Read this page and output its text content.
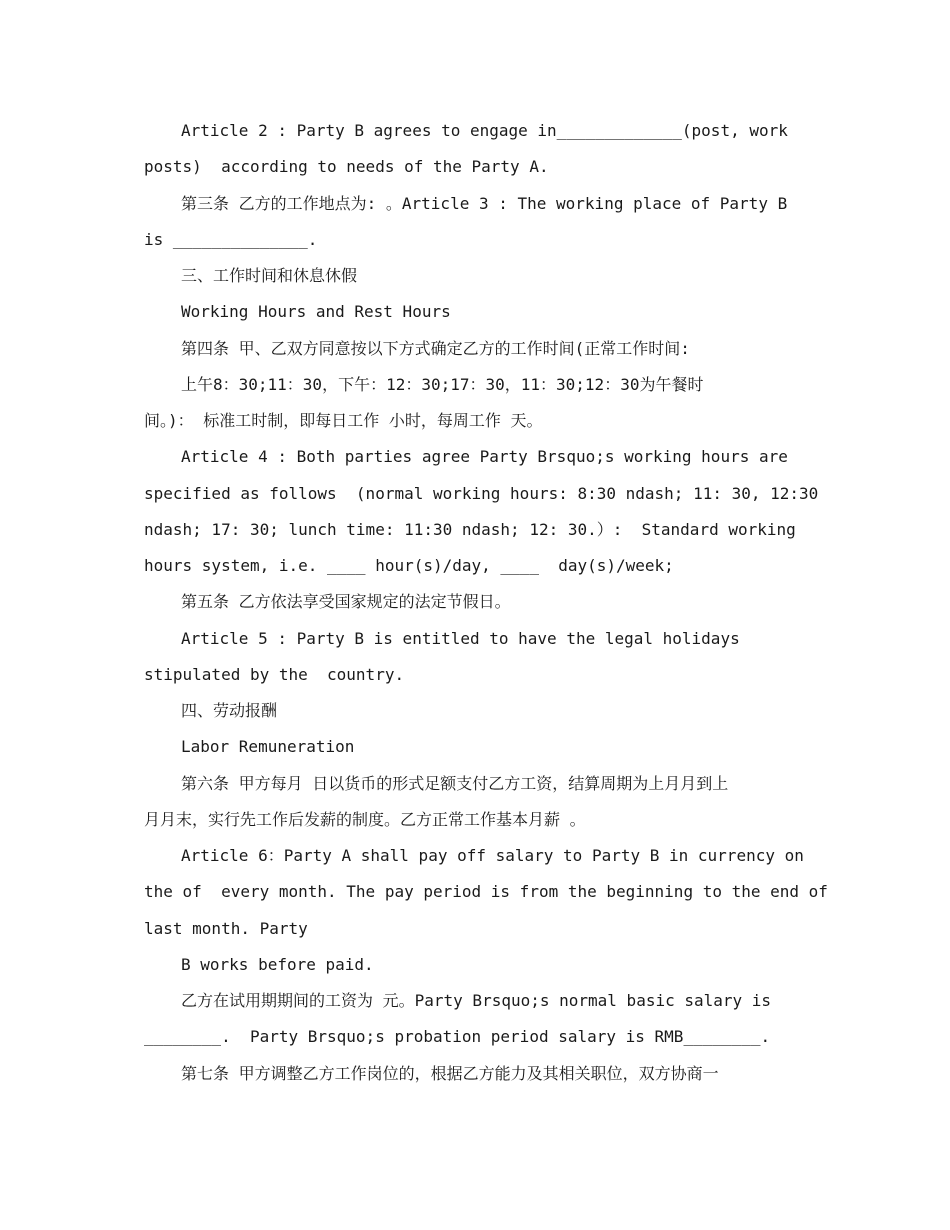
Article 2 : Party B agrees to engage in_____________(post, work
posts)  according to needs of the Party A.
第三条 乙方的工作地点为: 。Article 3 : The working place of Party B
is ______________.
三、工作时间和休息休假
Working Hours and Rest Hours
第四条 甲、乙双方同意按以下方式确定乙方的工作时间(正常工作时间:
上午8：30;11：30，下午：12：30;17：30，11：30;12：30为午餐时
间。)： 标准工时制，即每日工作 小时，每周工作 天。
Article 4 : Both parties agree Party Brsquo;s working hours are
specified as follows  (normal working hours: 8:30 ndash; 11: 30, 12:30
ndash; 17: 30; lunch time: 11:30 ndash; 12: 30.）:  Standard working
hours system, i.e. ____ hour(s)/day, ____  day(s)/week;
第五条 乙方依法享受国家规定的法定节假日。
Article 5 : Party B is entitled to have the legal holidays
stipulated by the  country.
四、劳动报酬
Labor Remuneration
第六条 甲方每月 日以货币的形式足额支付乙方工资，结算周期为上月月到上
月月末，实行先工作后发薪的制度。乙方正常工作基本月薪 。
Article 6：Party A shall pay off salary to Party B in currency on
the of  every month. The pay period is from the beginning to the end of
last month. Party
B works before paid.
乙方在试用期期间的工资为 元。Party Brsquo;s normal basic salary is
________.  Party Brsquo;s probation period salary is RMB________.
第七条 甲方调整乙方工作岗位的，根据乙方能力及其相关职位，双方协商一
